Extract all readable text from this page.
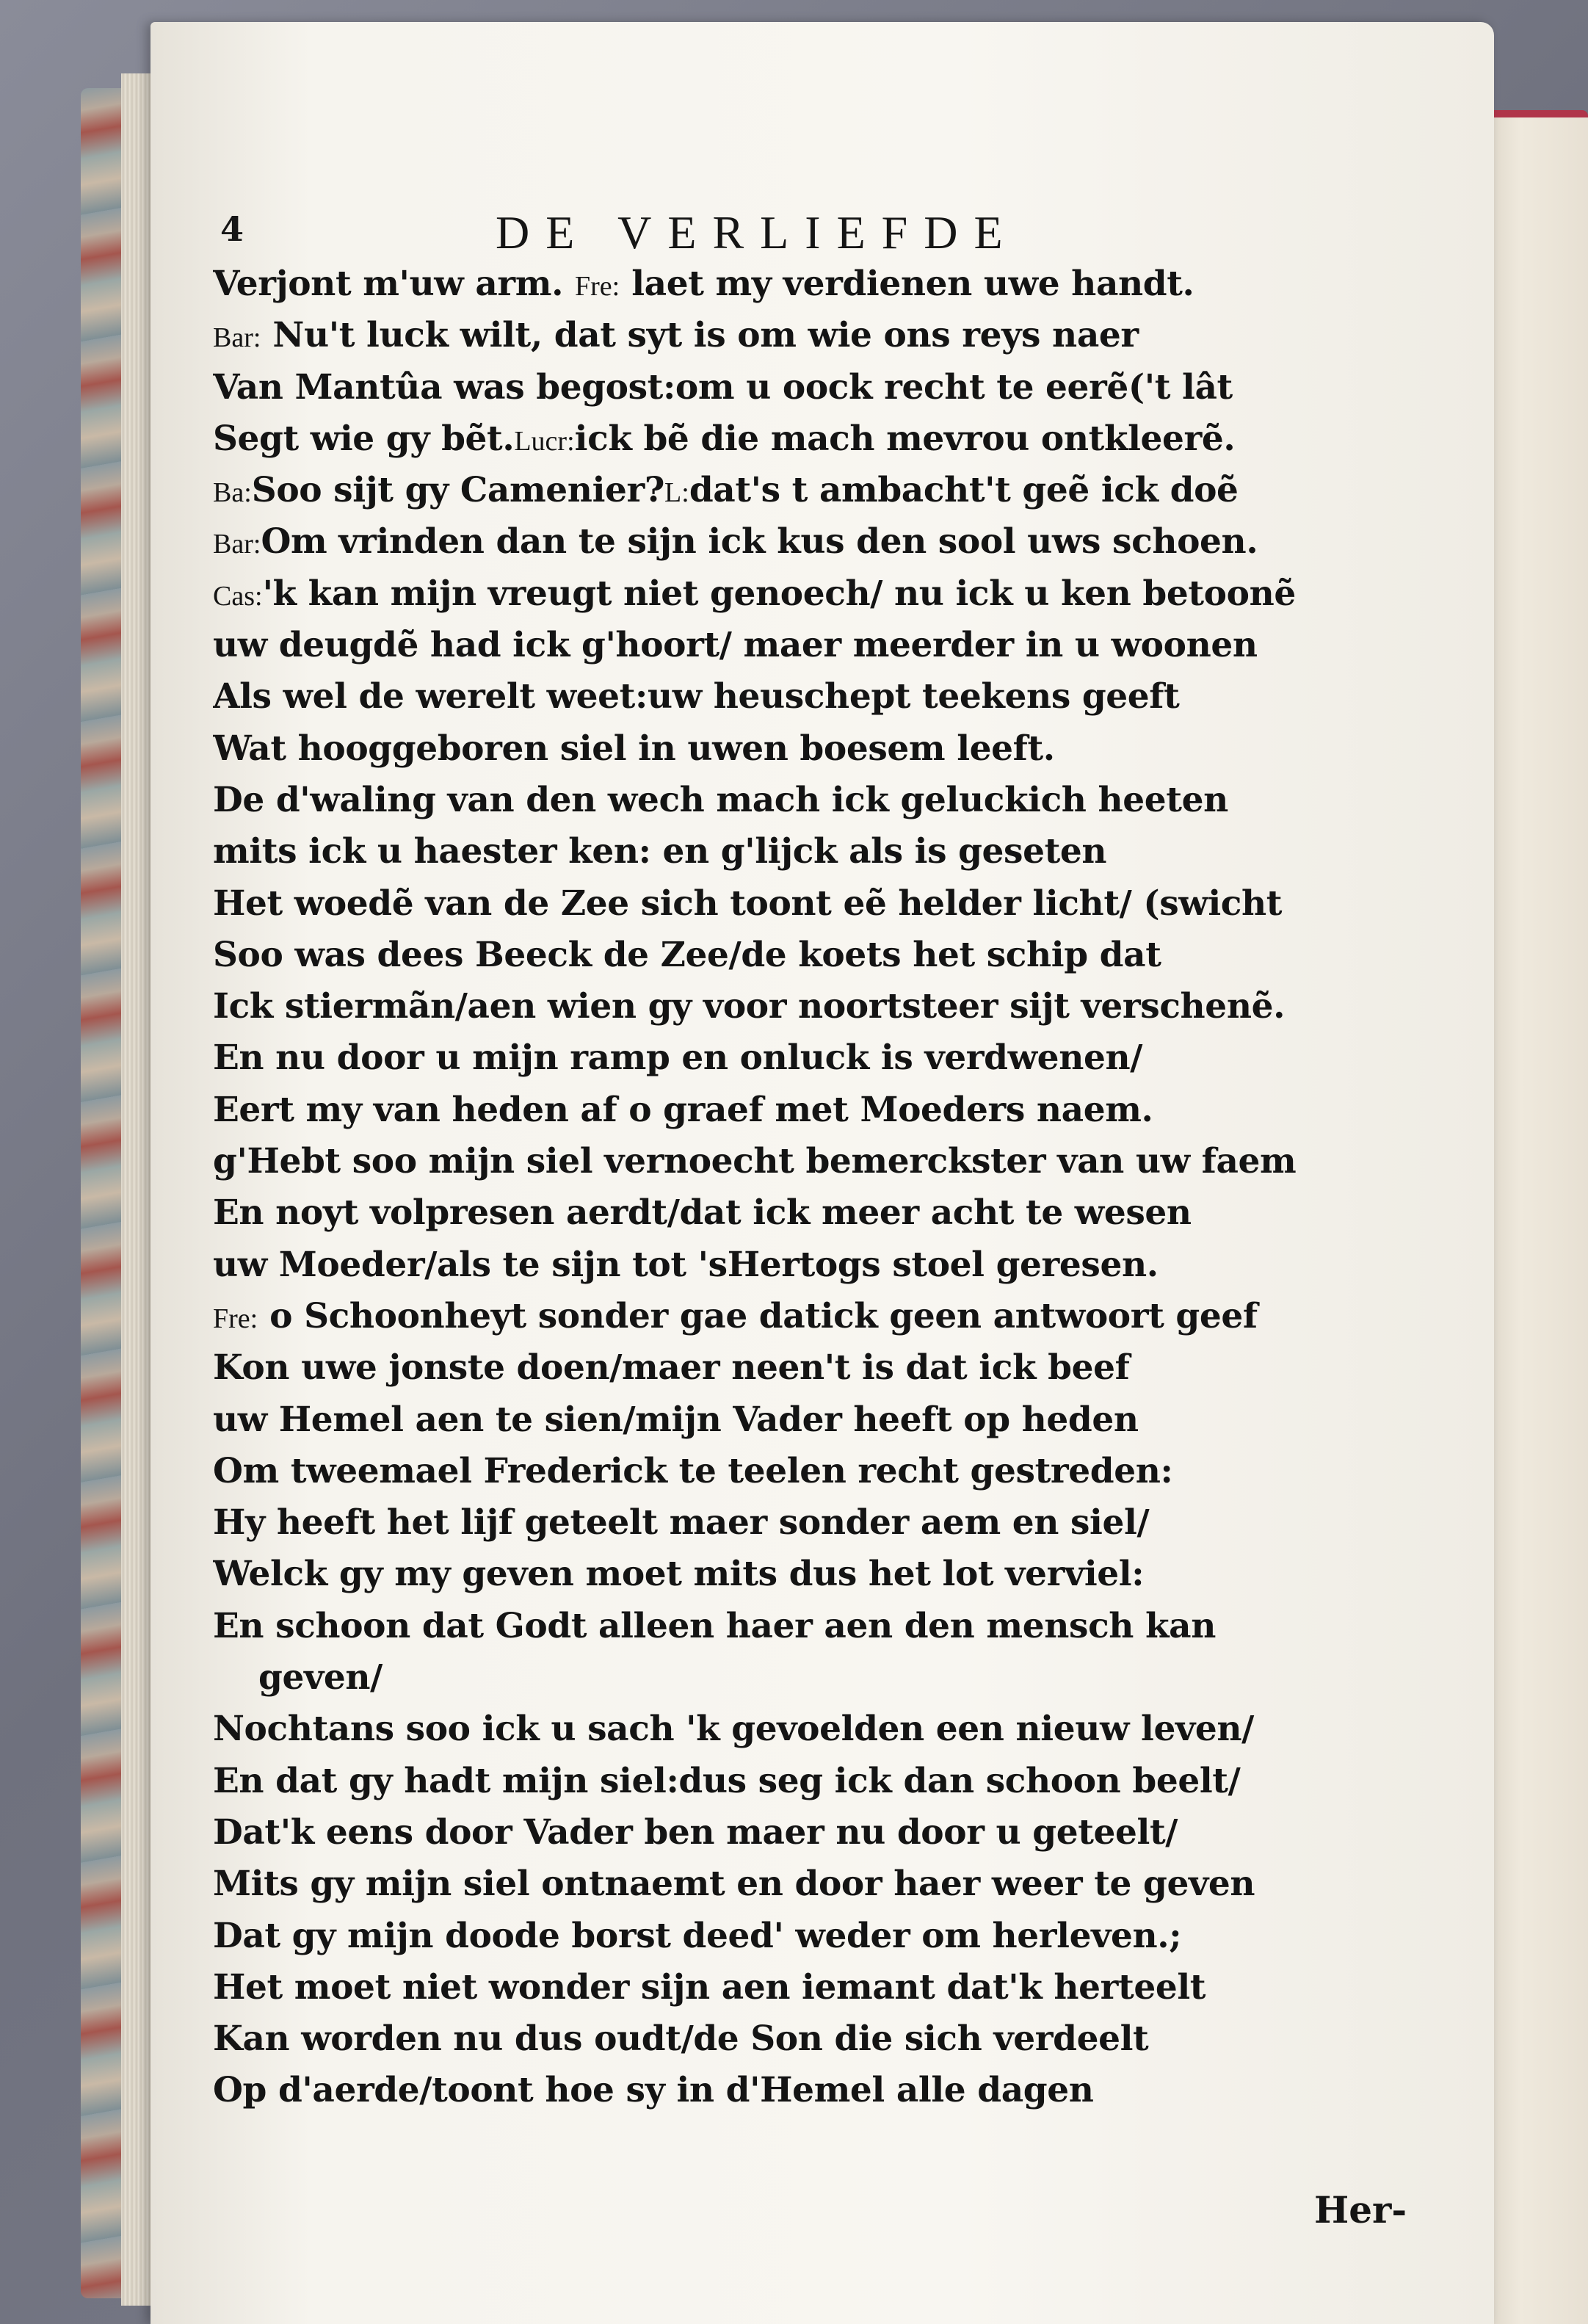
4	DE VERLIEFDE
Verjont m'uw arm. Fre: laet my verdienen uwe handt.
Bar: Nu't luck wilt, dat syt is om wie ons reys naer
Van Mantûa was begost:om u oock recht te eerẽ('t lât
Segt wie gy bẽt.Lucr:ick bẽ die mach mevrou ontkleerẽ.
Ba:Soo sijt gy Camenier?L:dat's t ambacht't geẽ ick doẽ
Bar:Om vrinden dan te sijn ick kus den sool uws schoen.
Cas:'k kan mijn vreugt niet genoech/ nu ick u ken betoonẽ
uw deugdẽ had ick g'hoort/ maer meerder in u woonen
Als wel de werelt weet:uw heuschept teekens geeft
Wat hooggeboren siel in uwen boesem leeft.
De d'waling van den wech mach ick geluckich heeten
mits ick u haester ken: en g'lijck als is geseten
Het woedẽ van de Zee sich toont eẽ helder licht/ (swicht
Soo was dees Beeck de Zee/de koets het schip dat
Ick stiermãn/aen wien gy voor noortsteer sijt verschenẽ.
En nu door u mijn ramp en onluck is verdwenen/
Eert my van heden af o graef met Moeders naem.
g'Hebt soo mijn siel vernoecht bemerckster van uw faem
En noyt volpresen aerdt/dat ick meer acht te wesen
uw Moeder/als te sijn tot 'sHertogs stoel geresen.
Fre: o Schoonheyt sonder gae datick geen antwoort geef
Kon uwe jonste doen/maer neen't is dat ick beef
uw Hemel aen te sien/mijn Vader heeft op heden
Om tweemael Frederick te teelen recht gestreden:
Hy heeft het lijf geteelt maer sonder aem en siel/
Welck gy my geven moet mits dus het lot verviel:
En schoon dat Godt alleen haer aen den mensch kan
geven/
Nochtans soo ick u sach 'k gevoelden een nieuw leven/
En dat gy hadt mijn siel:dus seg ick dan schoon beelt/
Dat'k eens door Vader ben maer nu door u geteelt/
Mits gy mijn siel ontnaemt en door haer weer te geven
Dat gy mijn doode borst deed' weder om herleven.;
Het moet niet wonder sijn aen iemant dat'k herteelt
Kan worden nu dus oudt/de Son die sich verdeelt
Op d'aerde/toont hoe sy in d'Hemel alle dagen
Her-
